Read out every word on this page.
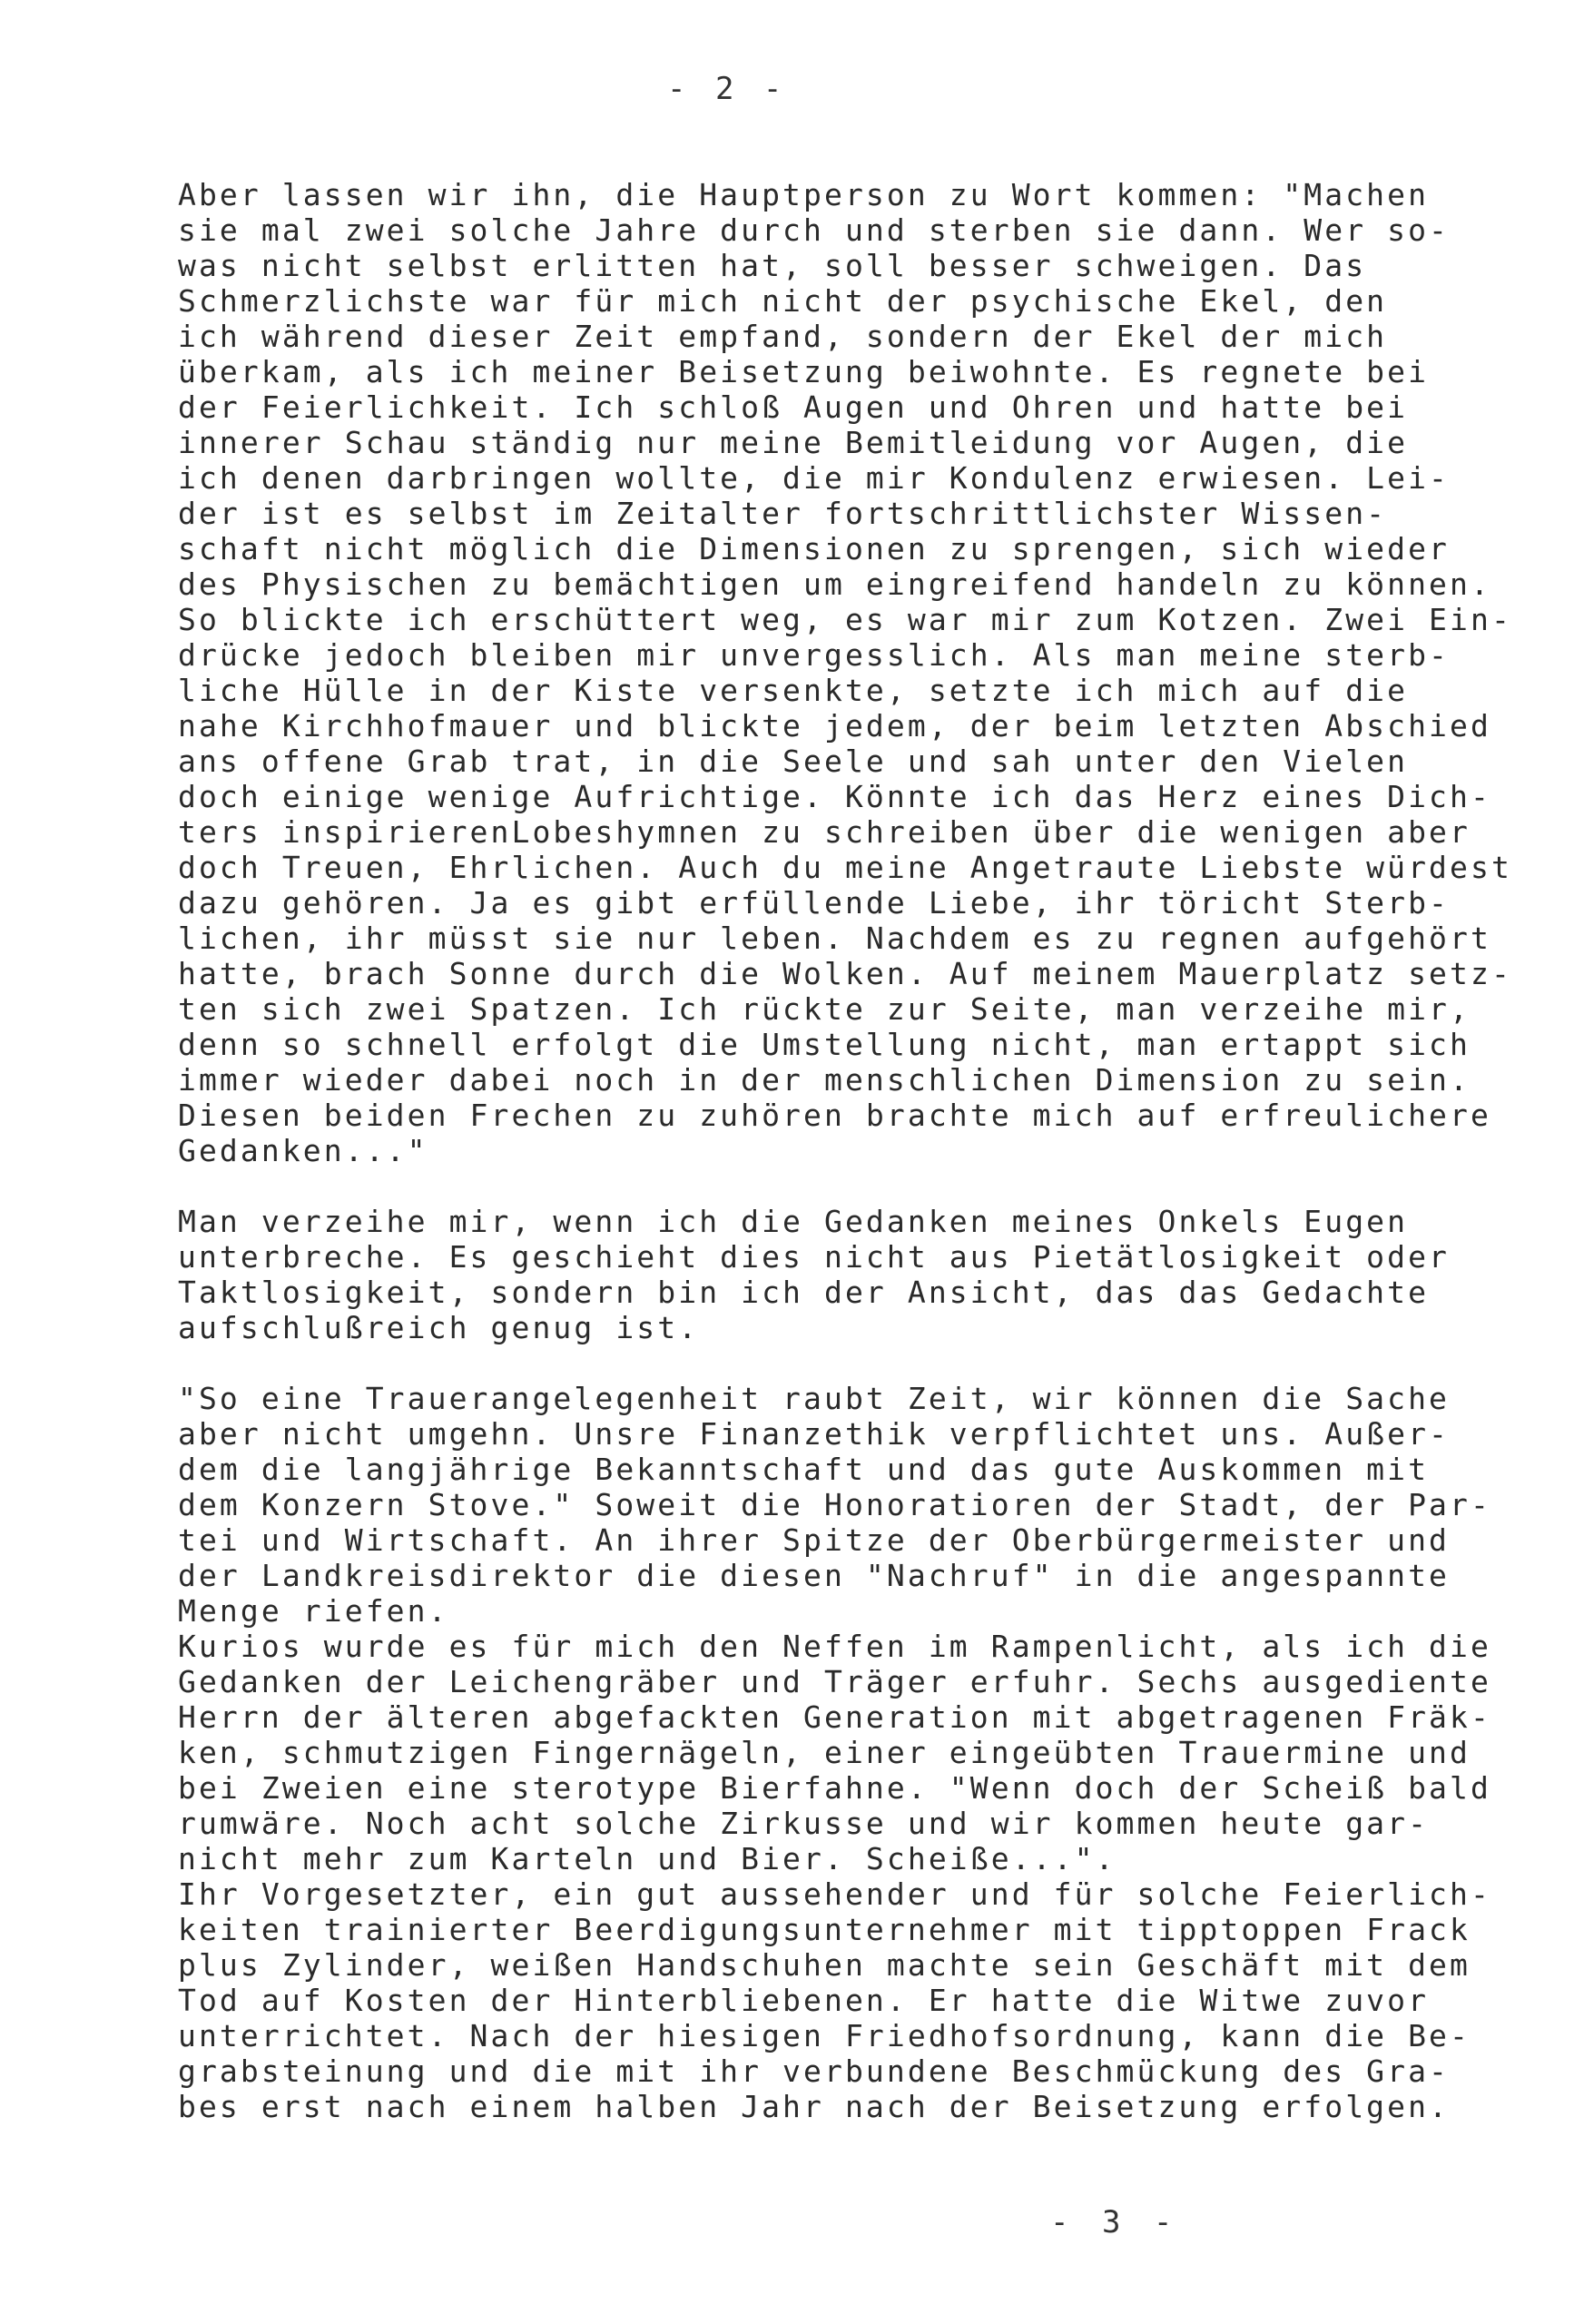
- 2 -
Aber lassen wir ihn, die Hauptperson zu Wort kommen: "Machen
sie mal zwei solche Jahre durch und sterben sie dann. Wer so-
was nicht selbst erlitten hat, soll besser schweigen. Das
Schmerzlichste war für mich nicht der psychische Ekel, den
ich während dieser Zeit empfand, sondern der Ekel der mich
überkam, als ich meiner Beisetzung beiwohnte. Es regnete bei
der Feierlichkeit. Ich schloß Augen und Ohren und hatte bei
innerer Schau ständig nur meine Bemitleidung vor Augen, die
ich denen darbringen wollte, die mir Kondulenz erwiesen. Lei-
der ist es selbst im Zeitalter fortschrittlichster Wissen-
schaft nicht möglich die Dimensionen zu sprengen, sich wieder
des Physischen zu bemächtigen um eingreifend handeln zu können.
So blickte ich erschüttert weg, es war mir zum Kotzen. Zwei Ein-
drücke jedoch bleiben mir unvergesslich. Als man meine sterb-
liche Hülle in der Kiste versenkte, setzte ich mich auf die
nahe Kirchhofmauer und blickte jedem, der beim letzten Abschied
ans offene Grab trat, in die Seele und sah unter den Vielen
doch einige wenige Aufrichtige. Könnte ich das Herz eines Dich-
ters inspirierenLobeshymnen zu schreiben über die wenigen aber
doch Treuen, Ehrlichen. Auch du meine Angetraute Liebste würdest
dazu gehören. Ja es gibt erfüllende Liebe, ihr töricht Sterb-
lichen, ihr müsst sie nur leben. Nachdem es zu regnen aufgehört
hatte, brach Sonne durch die Wolken. Auf meinem Mauerplatz setz-
ten sich zwei Spatzen. Ich rückte zur Seite, man verzeihe mir,
denn so schnell erfolgt die Umstellung nicht, man ertappt sich
immer wieder dabei noch in der menschlichen Dimension zu sein.
Diesen beiden Frechen zu zuhören brachte mich auf erfreulichere
Gedanken..."
Man verzeihe mir, wenn ich die Gedanken meines Onkels Eugen
unterbreche. Es geschieht dies nicht aus Pietätlosigkeit oder
Taktlosigkeit, sondern bin ich der Ansicht, das das Gedachte
aufschlußreich genug ist.
"So eine Trauerangelegenheit raubt Zeit, wir können die Sache
aber nicht umgehn. Unsre Finanzethik verpflichtet uns. Außer-
dem die langjährige Bekanntschaft und das gute Auskommen mit
dem Konzern Stove." Soweit die Honoratioren der Stadt, der Par-
tei und Wirtschaft. An ihrer Spitze der Oberbürgermeister und
der Landkreisdirektor die diesen "Nachruf" in die angespannte
Menge riefen.
Kurios wurde es für mich den Neffen im Rampenlicht, als ich die
Gedanken der Leichengräber und Träger erfuhr. Sechs ausgediente
Herrn der älteren abgefackten Generation mit abgetragenen Fräk-
ken, schmutzigen Fingernägeln, einer eingeübten Trauermine und
bei Zweien eine sterotype Bierfahne. "Wenn doch der Scheiß bald
rumwäre. Noch acht solche Zirkusse und wir kommen heute gar-
nicht mehr zum Karteln und Bier. Scheiße...".
Ihr Vorgesetzter, ein gut aussehender und für solche Feierlich-
keiten trainierter Beerdigungsunternehmer mit tipptoppen Frack
plus Zylinder, weißen Handschuhen machte sein Geschäft mit dem
Tod auf Kosten der Hinterbliebenen. Er hatte die Witwe zuvor
unterrichtet. Nach der hiesigen Friedhofsordnung, kann die Be-
grabsteinung und die mit ihr verbundene Beschmückung des Gra-
bes erst nach einem halben Jahr nach der Beisetzung erfolgen.
- 3 -
